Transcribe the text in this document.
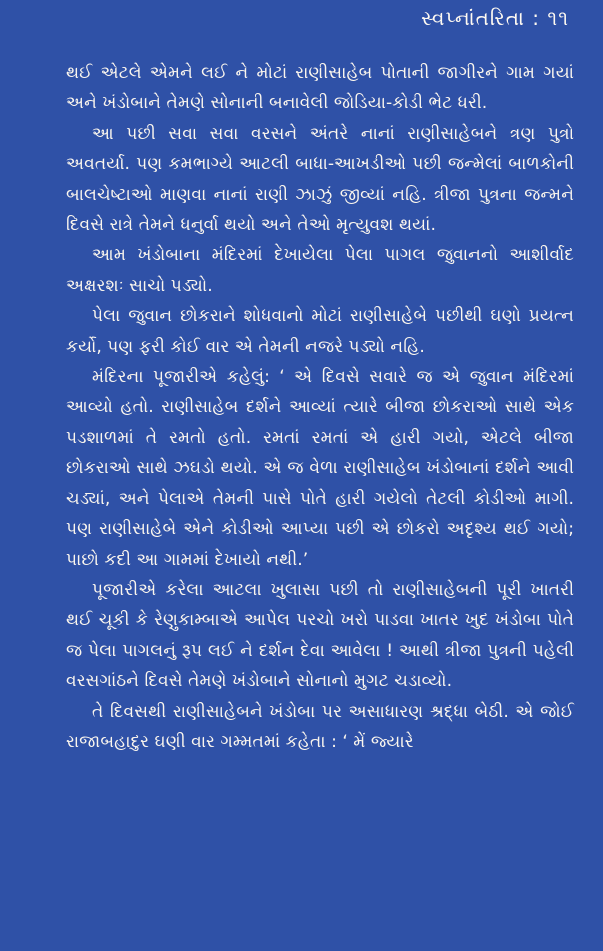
સ્વપ્નાંતરિતા : ૧૧

થઈ એટલે એમને લઈ ને મોટાં રાણીસાહેબ પોતાની જાગીરને ગામ ગયાં અને ખંડોબાને તેમણે સોનાની બનાવેલી જોડિયા-કોડી ભેટ ધરી.

આ પછી સવા સવા વરસને અંતરે નાનાં રાણીસાહેબને ત્રણ પુત્રો અવતર્યા. પણ કમભાગ્યે આટલી બાધા-આખડીઓ પછી જન્મેલાં બાળકોની બાલચેષ્ટાઓ માણવા નાનાં રાણી ઝાઝું જીવ્યાં નહિ. ત્રીજા પુત્રના જન્મને દિવસે રાત્રે તેમને ધનુર્વા થયો અને તેઓ મૃત્યુવશ થયાં.

આમ ખંડોબાના મંદિરમાં દેખાયેલા પેલા પાગલ જુવાનનો આશીર્વાદ અક્ષરશઃ સાચો પડ્યો.

પેલા જુવાન છોકરાને શોધવાનો મોટાં રાણીસાહેબે પછીથી ઘણો પ્રયત્ન કર્યો, પણ ફરી કોઈ વાર એ તેમની નજરે પડ્યો નહિ.

મંદિરના પૂજારીએ કહેલું: ‘ એ દિવસે સવારે જ એ જુવાન મંદિરમાં આવ્યો હતો. રાણીસાહેબ દર્શને આવ્યાં ત્યારે બીજા છોકરાઓ સાથે એક પડશાળમાં તે રમતો હતો. રમતાં રમતાં એ હારી ગયો, એટલે બીજા છોકરાઓ સાથે ઝઘડો થયો. એ જ વેળા રાણીસાહેબ ખંડોબાનાં દર્શને આવી ચડ્યાં, અને પેલાએ તેમની પાસે પોતે હારી ગયેલો તેટલી કોડીઓ માગી. પણ રાણીસાહેબે એને કોડીઓ આપ્યા પછી એ છોકરો અદૃશ્ય થઈ ગયો; પાછો કદી આ ગામમાં દેખાયો નથી.’

પૂજારીએ કરેલા આટલા ખુલાસા પછી તો રાણીસાહેબની પૂરી ખાતરી થઈ ચૂકી કે રેણુકામ્બાએ આપેલ પરચો ખરો પાડવા ખાતર ખુદ ખંડોબા પોતે જ પેલા પાગલનું રૂપ લઈ ને દર્શન દેવા આવેલા ! આથી ત્રીજા પુત્રની પહેલી વરસગાંઠને દિવસે તેમણે ખંડોબાને સોનાનો મુગટ ચડાવ્યો.

તે દિવસથી રાણીસાહેબને ખંડોબા પર અસાધારણ શ્રદ્ધા બેઠી. એ જોઈ રાજાબહાદુર ઘણી વાર ગમ્મતમાં કહેતા : ‘ મેં જ્યારે
